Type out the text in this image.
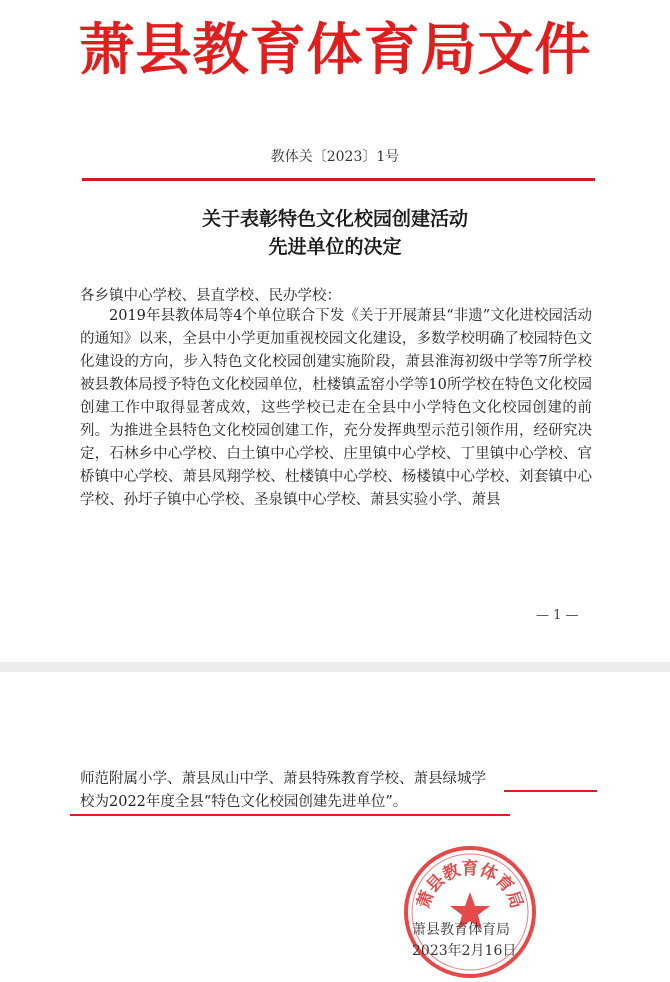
萧县教育体育局文件
教体关〔2023〕1号
关于表彰特色文化校园创建活动
先进单位的决定
各乡镇中心学校、县直学校、民办学校：
2019年县教体局等4个单位联合下发《关于开展萧县“非遗”文化进校园活动的通知》以来，全县中小学更加重视校园文化建设，多数学校明确了校园特色文化建设的方向，步入特色文化校园创建实施阶段，萧县淮海初级中学等7所学校被县教体局授予特色文化校园单位，杜楼镇孟窑小学等10所学校在特色文化校园创建工作中取得显著成效，这些学校已走在全县中小学特色文化校园创建的前列。为推进全县特色文化校园创建工作，充分发挥典型示范引领作用，经研究决定，石林乡中心学校、白土镇中心学校、庄里镇中心学校、丁里镇中心学校、官桥镇中心学校、萧县凤翔学校、杜楼镇中心学校、杨楼镇中心学校、刘套镇中心学校、孙圩子镇中心学校、圣泉镇中心学校、萧县实验小学、萧县
— 1 —
师范附属小学、萧县凤山中学、萧县特殊教育学校、萧县绿城学
校为2022年度全县“特色文化校园创建先进单位”。
萧县教育体育局
萧县教育体育局
2023年2月16日
